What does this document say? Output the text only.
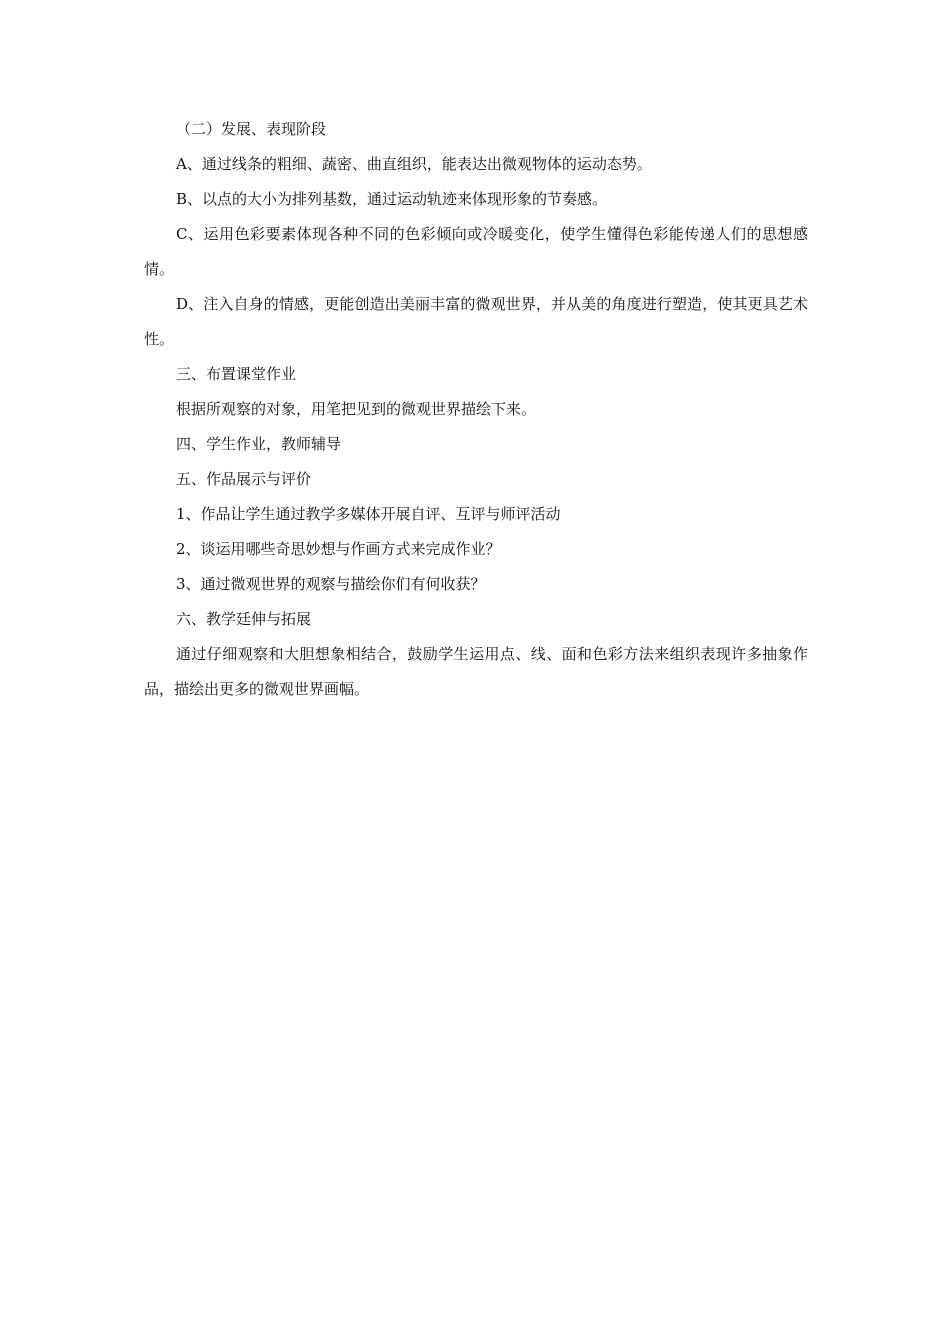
（二）发展、表现阶段

A、通过线条的粗细、蔬密、曲直组织，能表达出微观物体的运动态势。

B、以点的大小为排列基数，通过运动轨迹来体现形象的节奏感。

C、运用色彩要素体现各种不同的色彩倾向或冷暖变化，使学生懂得色彩能传递人们的思想感情。

D、注入自身的情感，更能创造出美丽丰富的微观世界，并从美的角度进行塑造，使其更具艺术性。

三、布置课堂作业

根据所观察的对象，用笔把见到的微观世界描绘下来。

四、学生作业，教师辅导

五、作品展示与评价

1、作品让学生通过教学多媒体开展自评、互评与师评活动

2、谈运用哪些奇思妙想与作画方式来完成作业？

3、通过微观世界的观察与描绘你们有何收获？

六、教学廷伸与拓展

通过仔细观察和大胆想象相结合，鼓励学生运用点、线、面和色彩方法来组织表现许多抽象作品，描绘出更多的微观世界画幅。
